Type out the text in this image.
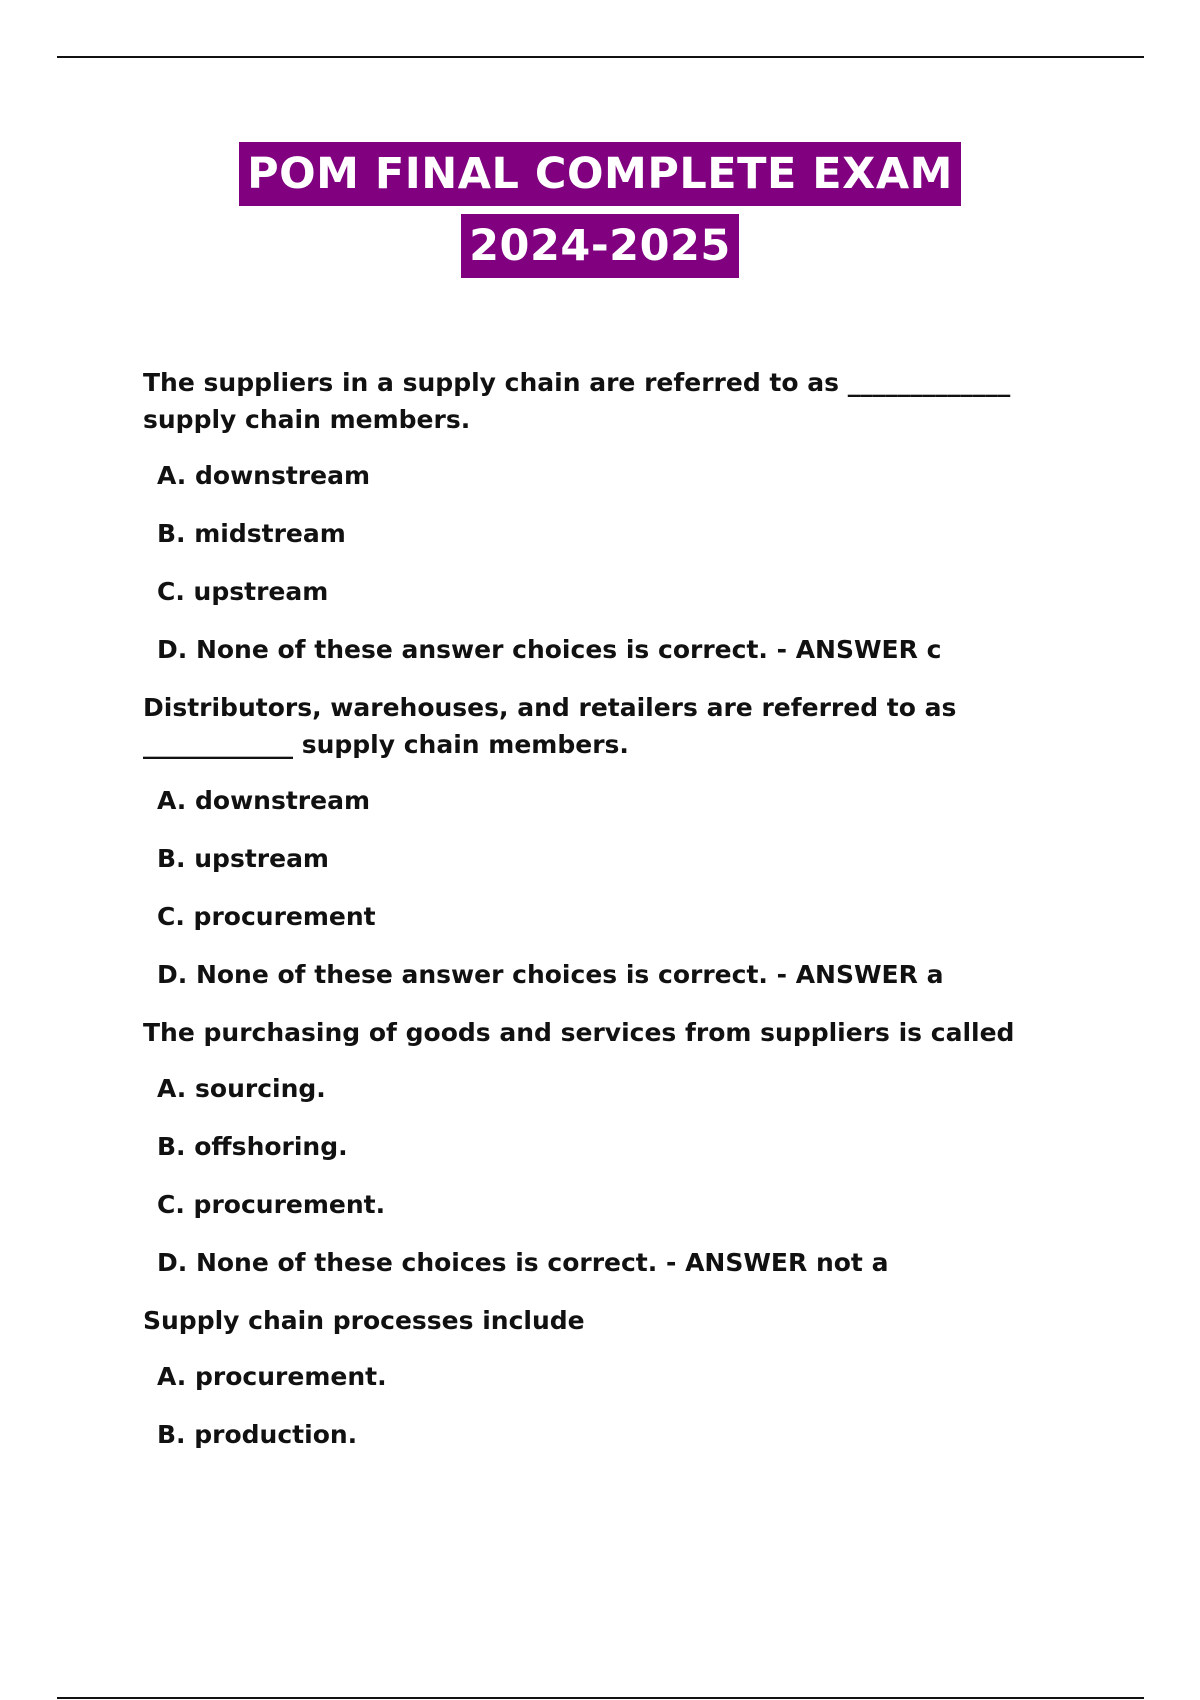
POM FINAL COMPLETE EXAM
2024-2025
The suppliers in a supply chain are referred to as _____________ supply chain members.
A. downstream
B. midstream
C. upstream
D. None of these answer choices is correct. - ANSWER c
Distributors, warehouses, and retailers are referred to as
____________ supply chain members.
A. downstream
B. upstream
C. procurement
D. None of these answer choices is correct. - ANSWER a
The purchasing of goods and services from suppliers is called
A. sourcing.
B. offshoring.
C. procurement.
D. None of these choices is correct. - ANSWER not a
Supply chain processes include
A. procurement.
B. production.
